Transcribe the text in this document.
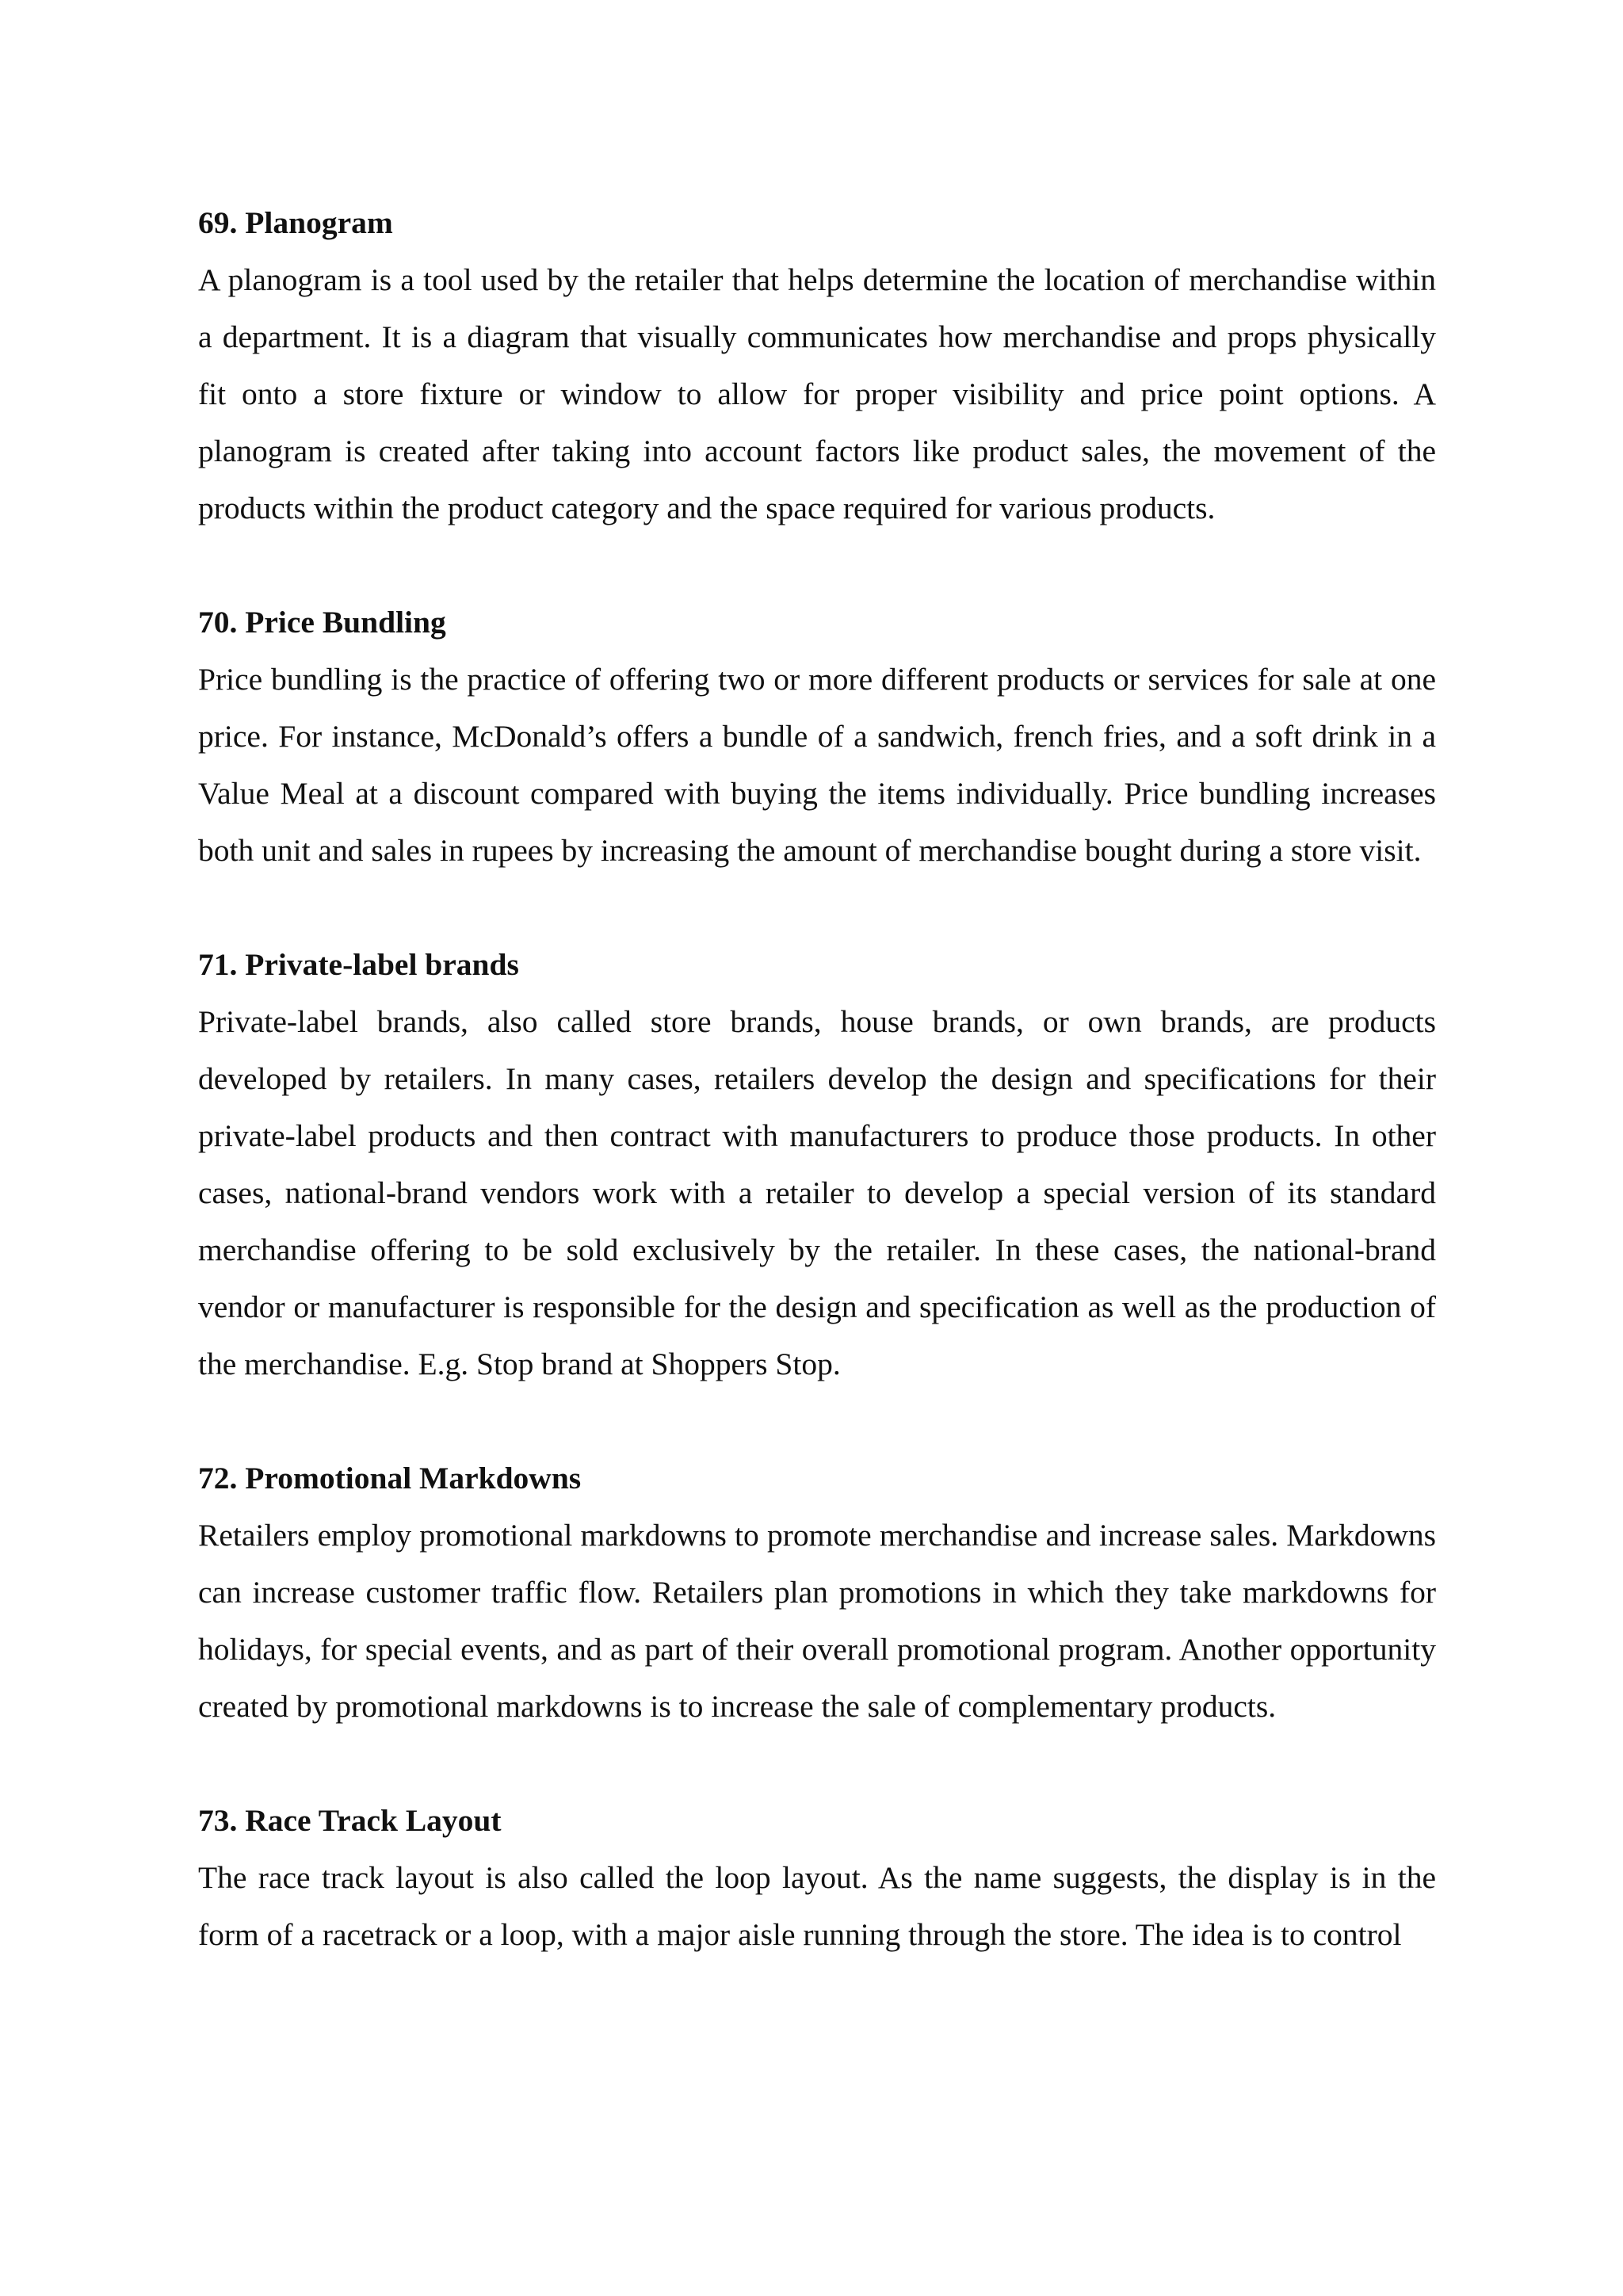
69. Planogram

A planogram is a tool used by the retailer that helps determine the location of merchandise within a department. It is a diagram that visually communicates how merchandise and props physically fit onto a store fixture or window to allow for proper visibility and price point options. A planogram is created after taking into account factors like product sales, the movement of the products within the product category and the space required for various products.

70. Price Bundling

Price bundling is the practice of offering two or more different products or services for sale at one price. For instance, McDonald’s offers a bundle of a sandwich, french fries, and a soft drink in a Value Meal at a discount compared with buying the items individually. Price bundling increases both unit and sales in rupees by increasing the amount of merchandise bought during a store visit.

71. Private-label brands

Private-label brands, also called store brands, house brands, or own brands, are products developed by retailers. In many cases, retailers develop the design and specifications for their private-label products and then contract with manufacturers to produce those products. In other cases, national-brand vendors work with a retailer to develop a special version of its standard merchandise offering to be sold exclusively by the retailer. In these cases, the national-brand vendor or manufacturer is responsible for the design and specification as well as the production of the merchandise. E.g. Stop brand at Shoppers Stop.

72. Promotional Markdowns

Retailers employ promotional markdowns to promote merchandise and increase sales. Markdowns can increase customer traffic flow. Retailers plan promotions in which they take markdowns for holidays, for special events, and as part of their overall promotional program. Another opportunity created by promotional markdowns is to increase the sale of complementary products.

73. Race Track Layout

The race track layout is also called the loop layout. As the name suggests, the display is in the form of a racetrack or a loop, with a major aisle running through the store. The idea is to control
